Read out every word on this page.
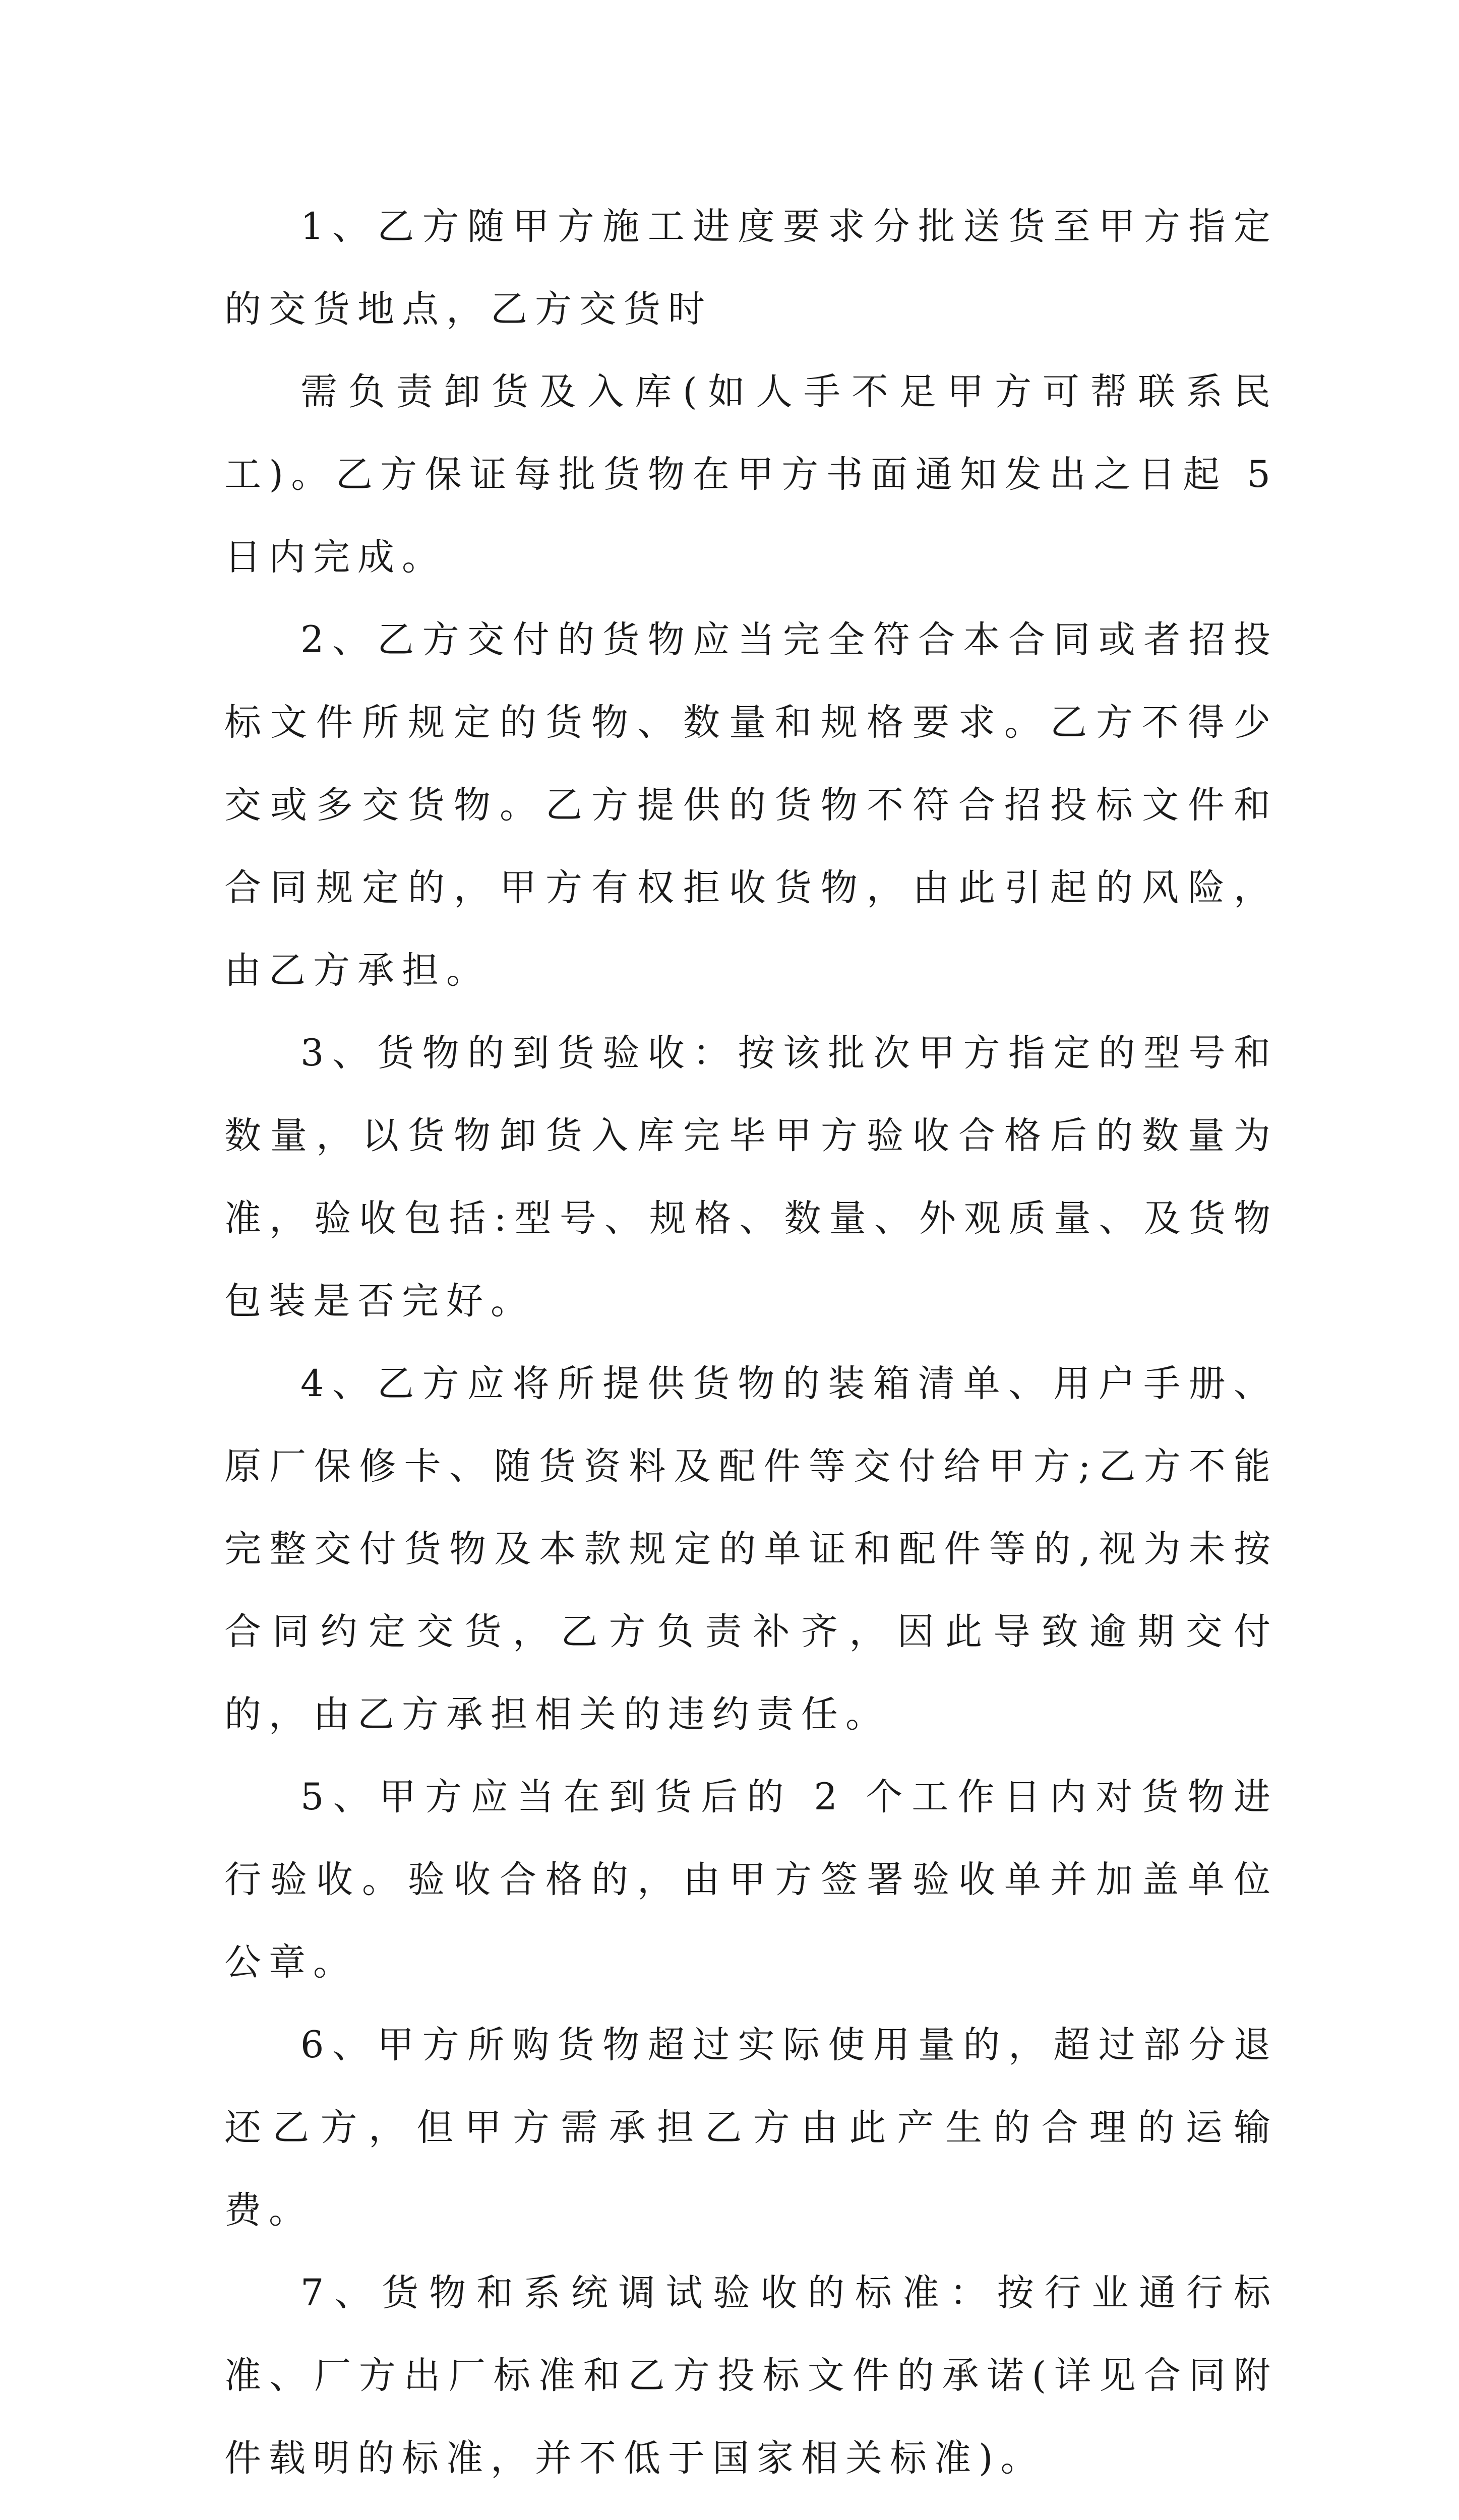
1、乙方随甲方施工进度要求分批送货至甲方指定的交货地点，乙方交货时

需负责卸货及入库(如人手不足甲方可帮联系民工)。乙方保证每批货物在甲方书面通知发出之日起 5 日内完成。

2、乙方交付的货物应当完全符合本合同或者招投标文件所规定的货物、数量和规格要求。乙方不得少交或多交货物。乙方提供的货物不符合招投标文件和合同规定的，甲方有权拒收货物，由此引起的风险，由乙方承担。

3、货物的到货验收：按该批次甲方指定的型号和数量，以货物卸货入库完毕甲方验收合格后的数量为准，验收包括:型号、规格、数量、外观质量、及货物包装是否完好。

4、乙方应将所提供货物的装箱清单、用户手册、原厂保修卡、随货资料及配件等交付给甲方;乙方不能完整交付货物及本款规定的单证和配件等的,视为未按合同约定交货，乙方负责补齐，因此导致逾期交付的，由乙方承担相关的违约责任。

5、甲方应当在到货后的 2 个工作日内对货物进行验收。验收合格的，由甲方签署验收单并加盖单位公章。

6、甲方所购货物超过实际使用量的，超过部分退还乙方，但甲方需承担乙方由此产生的合理的运输费。

7、货物和系统调试验收的标准：按行业通行标准、厂方出厂标准和乙方投标文件的承诺(详见合同附件载明的标准，并不低于国家相关标准)。
